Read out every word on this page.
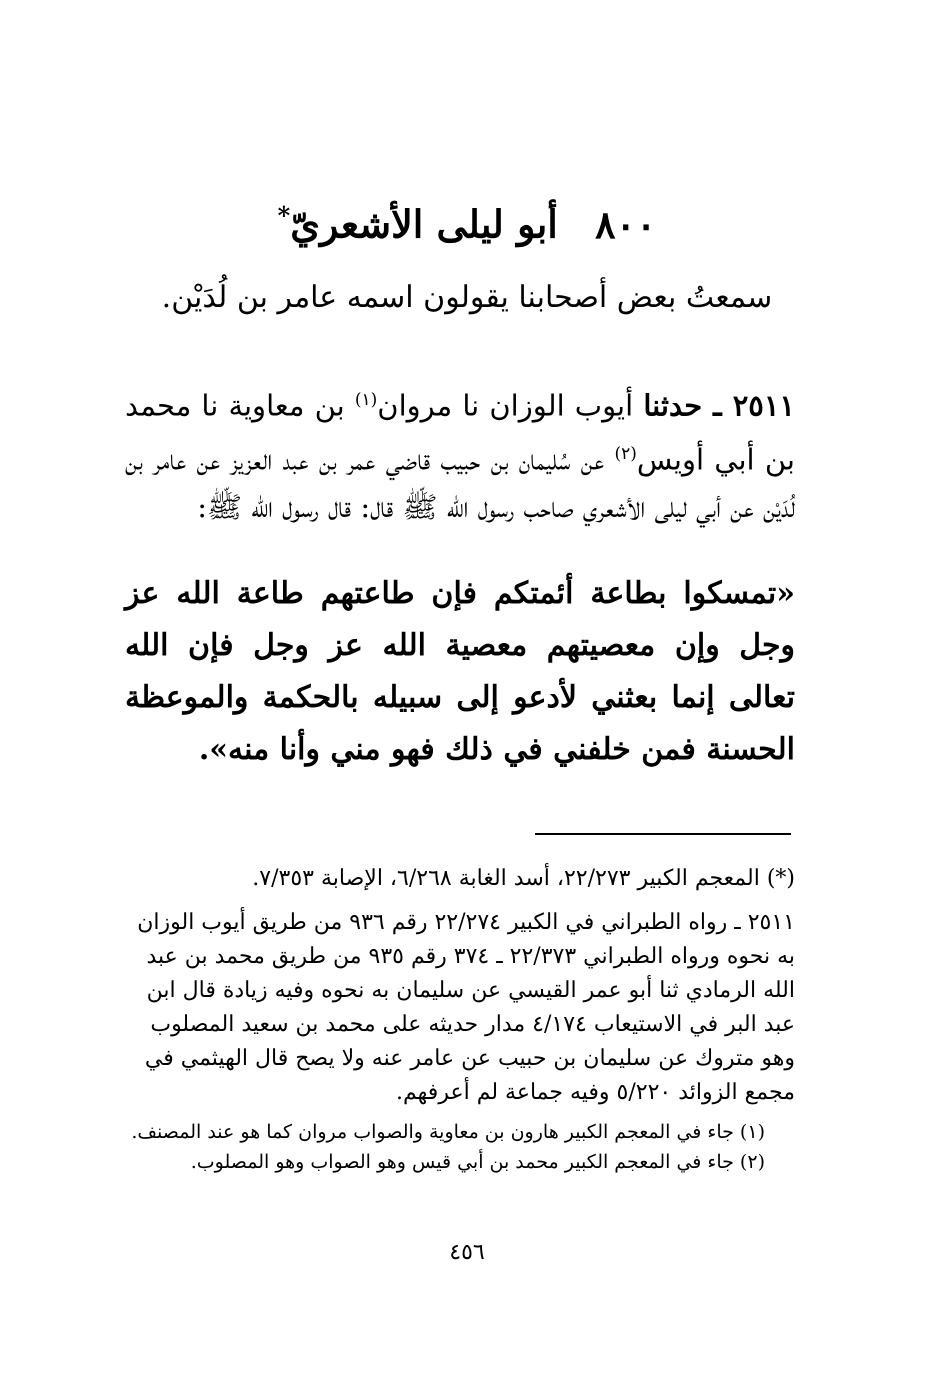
٨٠٠ أبو ليلى الأشعريّ*
سمعتُ بعض أصحابنا يقولون اسمه عامر بن لُدَيْن.
٢٥١١ ـ حدثنا أيوب الوزان نا مروان$^{(١)}$ بن معاوية نا محمد بن أبي أويس$^{(٢)}$ عن سُليمان بن حبيب قاضي عمر بن عبد العزيز عن عامر بن لُدَيْن عن أبي ليلى الأشعري صاحب رسول الله ﷺ قال: قال رسول الله ﷺ:
«تمسكوا بطاعة أئمتكم فإن طاعتهم طاعة الله عز وجل وإن معصيتهم معصية الله عز وجل فإن الله تعالى إنما بعثني لأدعو إلى سبيله بالحكمة والموعظة الحسنة فمن خلفني في ذلك فهو مني وأنا منه».

(*) المعجم الكبير ٢٢/٢٧٣، أسد الغابة ٦/٢٦٨، الإصابة ٧/٣٥٣.

٢٥١١ ـ رواه الطبراني في الكبير ٢٢/٢٧٤ رقم ٩٣٦ من طريق أيوب الوزان به نحوه ورواه الطبراني ٢٢/٣٧٣ ـ ٣٧٤ رقم ٩٣٥ من طريق محمد بن عبد الله الرمادي ثنا أبو عمر القيسي عن سليمان به نحوه وفيه زيادة قال ابن عبد البر في الاستيعاب ٤/١٧٤ مدار حديثه على محمد بن سعيد المصلوب وهو متروك عن سليمان بن حبيب عن عامر عنه ولا يصح قال الهيثمي في مجمع الزوائد ٥/٢٢٠ وفيه جماعة لم أعرفهم.

(١) جاء في المعجم الكبير هارون بن معاوية والصواب مروان كما هو عند المصنف.

(٢) جاء في المعجم الكبير محمد بن أبي قيس وهو الصواب وهو المصلوب.

٤٥٦
